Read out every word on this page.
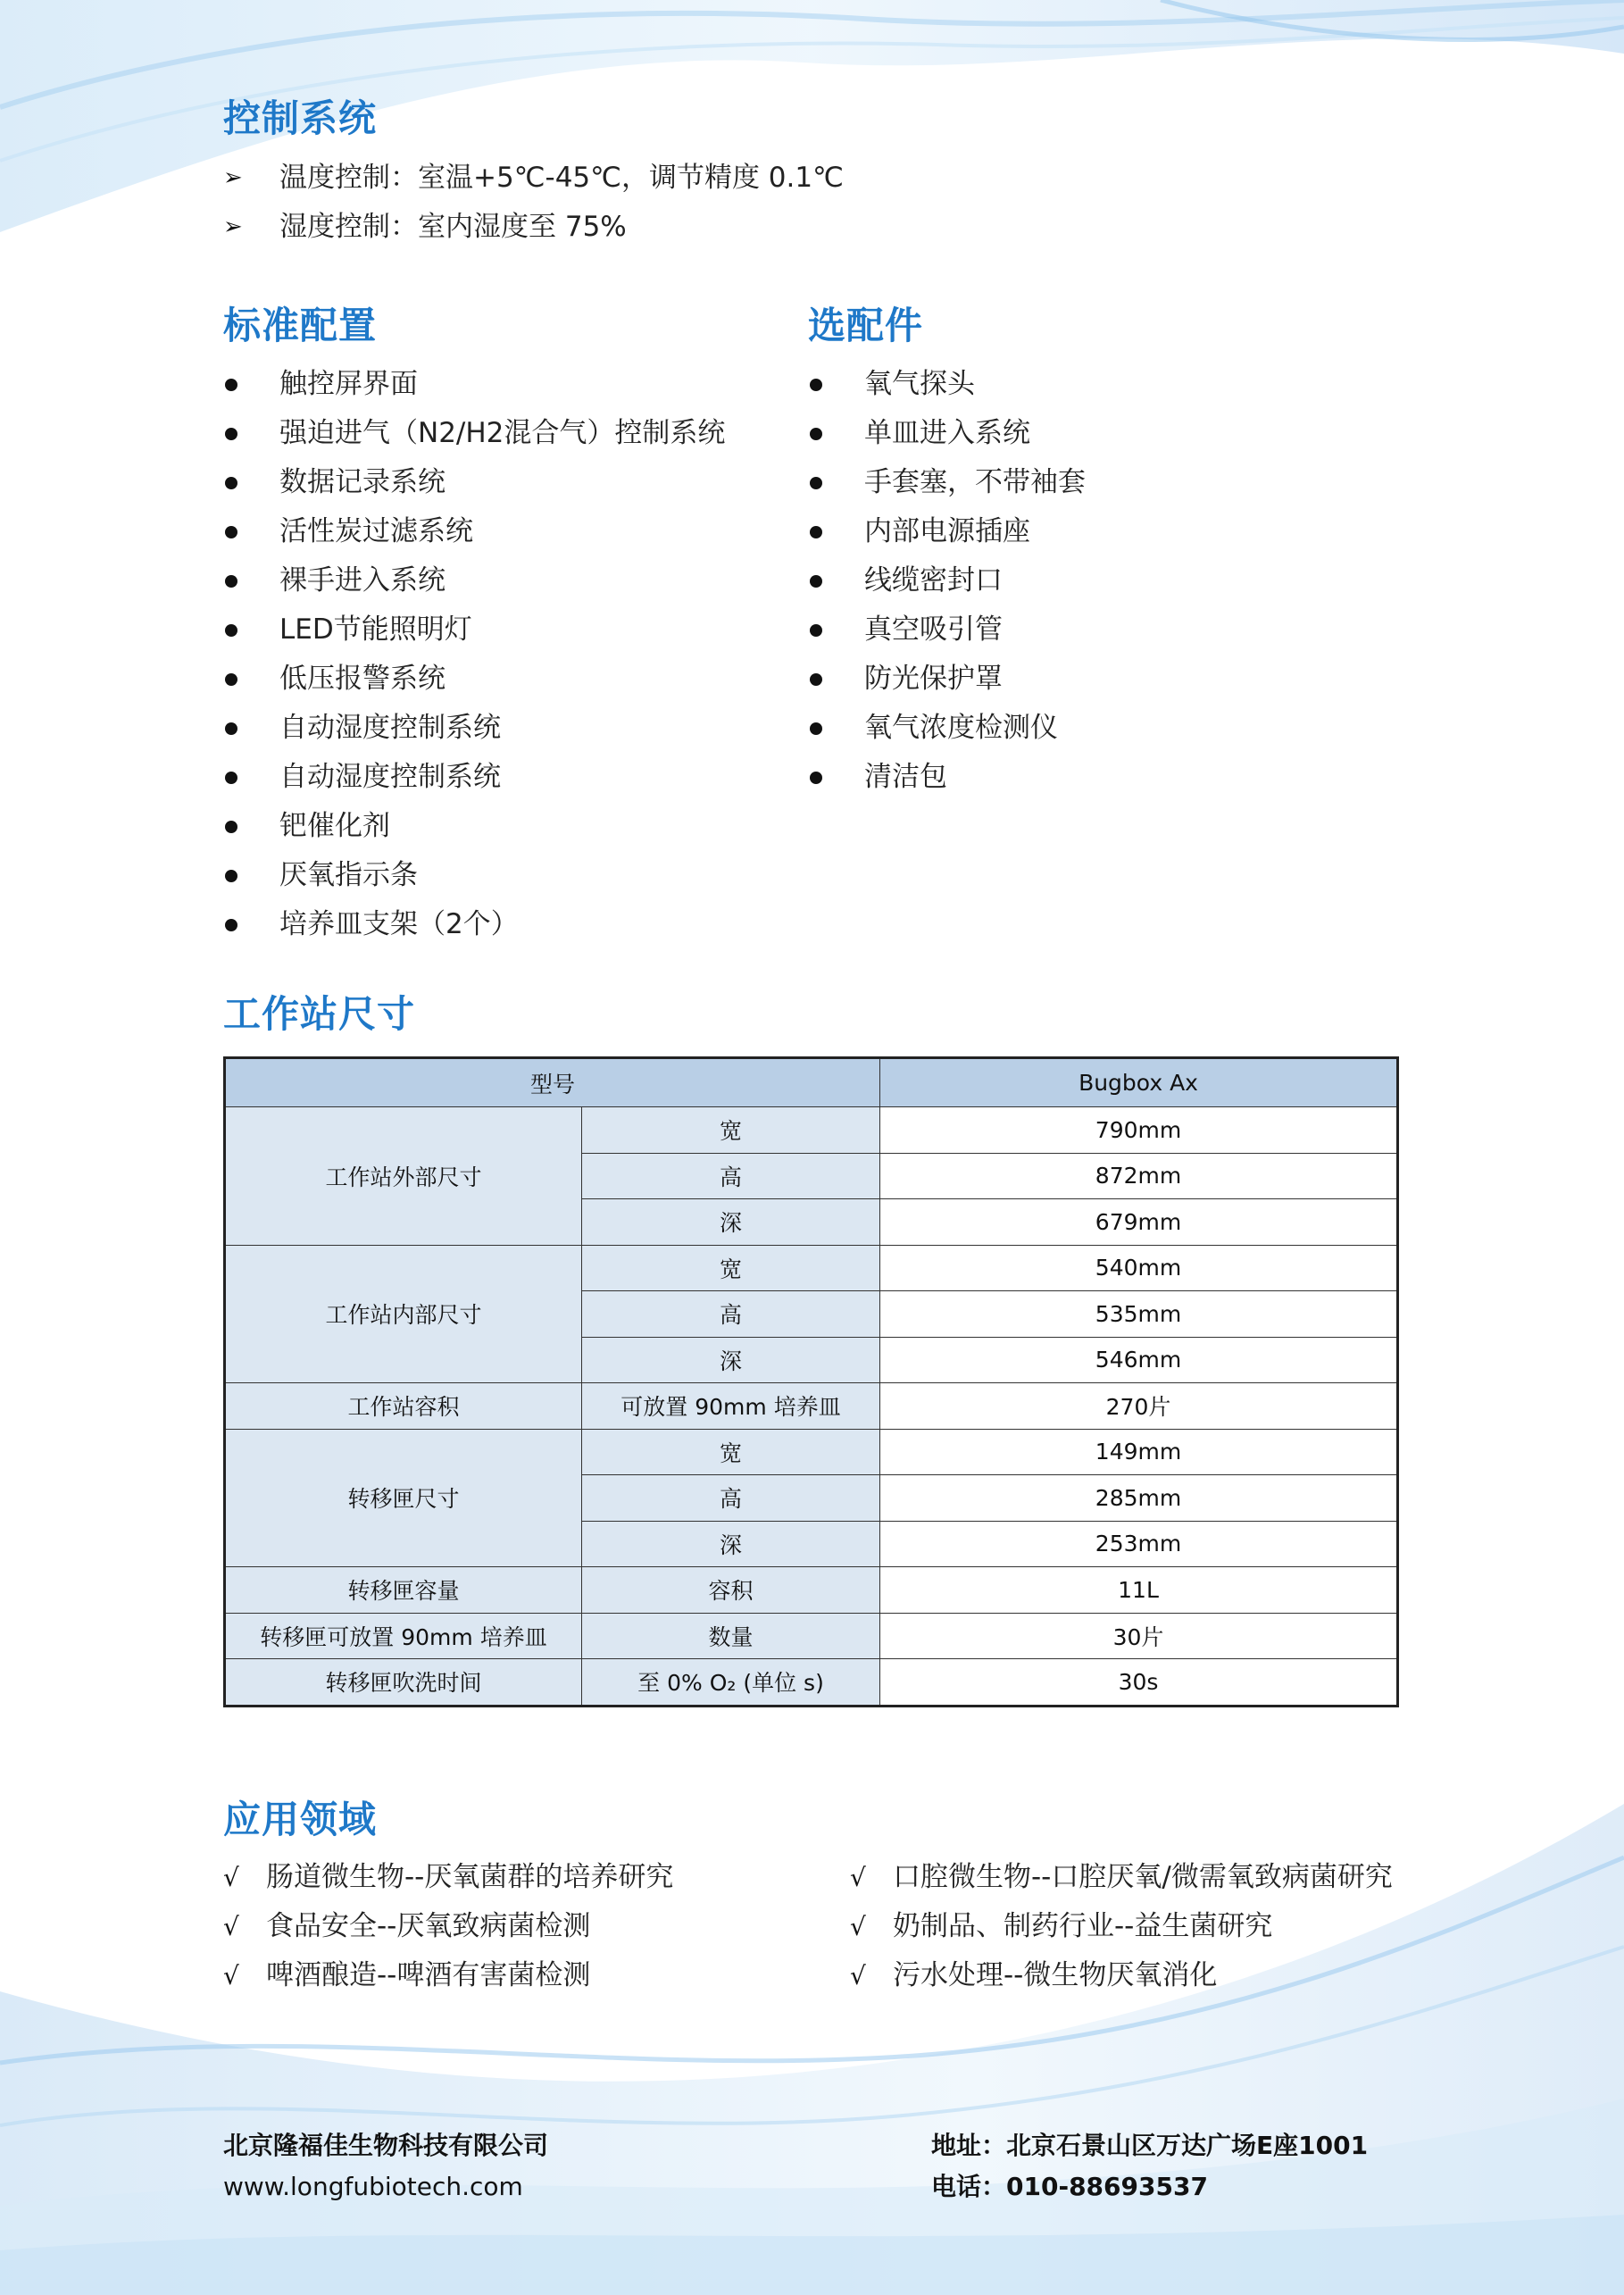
控制系统
➢	温度控制：室温+5℃-45℃，调节精度 0.1℃
➢	湿度控制：室内湿度至 75%
标准配置
触控屏界面
强迫进气（N2/H2混合气）控制系统
数据记录系统
活性炭过滤系统
裸手进入系统
LED节能照明灯
低压报警系统
自动湿度控制系统
自动湿度控制系统
钯催化剂
厌氧指示条
培养皿支架（2个）
选配件
氧气探头
单皿进入系统
手套塞，不带袖套
内部电源插座
线缆密封口
真空吸引管
防光保护罩
氧气浓度检测仪
清洁包
工作站尺寸
型号		Bugbox Ax
工作站外部尺寸	宽	790mm
	高	872mm
	深	679mm
工作站内部尺寸	宽	540mm
	高	535mm
	深	546mm
工作站容积	可放置 90mm 培养皿	270片
转移匣尺寸	宽	149mm
	高	285mm
	深	253mm
转移匣容量	容积	11L
转移匣可放置 90mm 培养皿	数量	30片
转移匣吹洗时间	至 0% O₂ (单位 s)	30s
应用领域
√ 肠道微生物--厌氧菌群的培养研究
√ 食品安全--厌氧致病菌检测
√ 啤酒酿造--啤酒有害菌检测
√ 口腔微生物--口腔厌氧/微需氧致病菌研究
√ 奶制品、制药行业--益生菌研究
√ 污水处理--微生物厌氧消化
北京隆福佳生物科技有限公司
www.longfubiotech.com
地址：北京石景山区万达广场E座1001
电话：010-88693537
